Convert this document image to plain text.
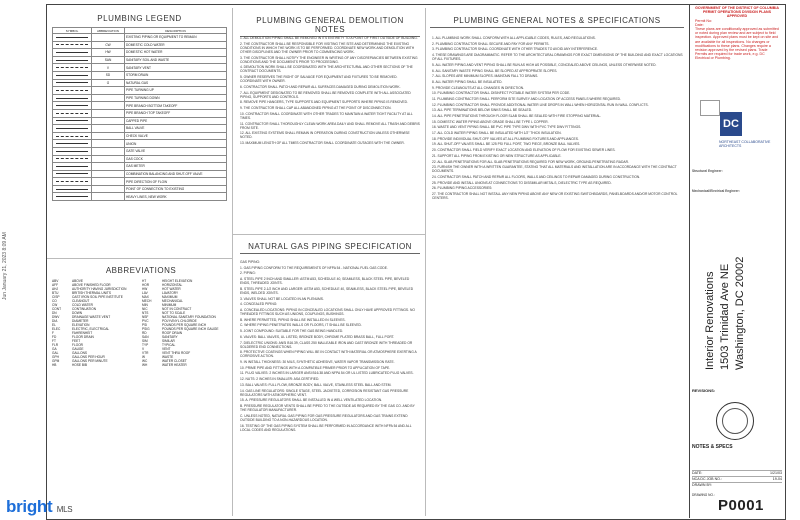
Jun January 21, 2023 8:09 AM
PLUMBING LEGEND
SYMBOL	ABBREVIATION	DESCRIPTION

		EXISTING PIPING OR EQUIPMENT TO REMAIN

	CW	DOMESTIC COLD WATER

	HW	DOMESTIC HOT WATER

	SAN	SANITARY SOIL AND WASTE

	V	SANITARY VENT

	SD	STORM DRAIN

	G	NATURAL GAS

		PIPE TURNING UP

		PIPE TURNING DOWN

		PIPE BRANCH BOTTOM TAKEOFF

		PIPE BRANCH TOP TAKEOFF

		CAPPED PIPE

		BALL VALVE

		CHECK VALVE

		UNION

		GATE VALVE

		GAS COCK

		GAS METER

		COMBINATION BALANCING AND SHUT-OFF VALVE

		PIPE DIRECTION OF FLOW

		POINT OF CONNECTION TO EXISTING

		HEAVY LINES, NEW WORK
ABBREVIATIONS
ABV	ABOVE
AFF	ABOVE FINISHED FLOOR
AHJ	AUTHORITY HAVING JURISDICTION
BTU	BRITISH THERMAL UNITS
CISP	CAST IRON SOIL PIPE INSTITUTE
CO	CLEANOUT
CW	COLD WATER
CONT	CONTINUATION
DN	DOWN
DWV	DRAINAGE WASTE VENT
DIA	DIAMETER
EL	ELEVATION
ELEC	ELECTRIC, ELECTRICAL
F	FAHRENHEIT
FD	FLOOR DRAIN
FT	FEET
FLR	FLOOR
GA	GAUGE
GAL	GALLONS
GPH	GALLONS PER HOUR
GPM	GALLONS PER MINUTE
HB	HOSE BIB
HT	HEIGHT ELEVATION
HOR	HORIZONTAL
HW	HOT WATER
LAV	LAVATORY
MAX	MAXIMUM
MECH	MECHANICAL
MIN	MINIMUM
NIC	NOT IN CONTRACT
NTS	NOT TO SCALE
NSF	NATIONAL SANITARY FOUNDATION
PVC	POLYVINYL CHLORIDE
PSI	POUNDS PER SQUARE INCH
PSIG	POUNDS PER SQUARE INCH GAUGE
RD	ROOF DRAIN
SAN	SANITARY
SIM	SIMILAR
TYP	TYPICAL
V	VENT
VTR	VENT THRU ROOF
W	WASTE
WC	WATER CLOSET
WH	WATER HEATER
PLUMBING GENERAL DEMOLITION NOTES

1. ALL DEMOLITION PIPING SHALL BE REMOVED IN ITS ENTIRETY TO A POINT OF FIRST OUTSIDE OF BUILDING.

2. THE CONTRACTOR SHALL BE RESPONSIBLE FOR VISITING THE SITE AND DETERMINING THE EXISTING CONDITIONS IN WHICH THE WORK IS TO BE PERFORMED. COORDINATE NEW WORK AND DEMOLITION WITH OTHER DISCIPLINES AND THE OWNER PRIOR TO COMMENCING WORK.

3. THE CONTRACTOR SHALL NOTIFY THE ENGINEER IN WRITING OF ANY DISCREPANCIES BETWEEN EXISTING CONDITIONS AND THE DOCUMENTS PRIOR TO PROCEEDING.

4. DEMOLITION WORK SHALL BE COORDINATED WITH THE ARCHITECTURAL AND OTHER SECTIONS OF THE CONTRACT DOCUMENTS.

5. OWNER RESERVES THE RIGHT OF SALVAGE FOR EQUIPMENT AND FIXTURES TO BE REMOVED. COORDINATE WITH OWNER.

6. CONTRACTOR SHALL PATCH AND REPAIR ALL SURFACES DAMAGED DURING DEMOLITION WORK.

7. ALL EQUIPMENT DESIGNATED TO BE REMOVED SHALL BE REMOVED COMPLETE WITH ALL ASSOCIATED PIPING, SUPPORTS AND CONTROLS.

8. REMOVE PIPE HANGERS, TYPE SUPPORTS AND EQUIPMENT SUPPORTS WHERE PIPING IS REMOVED.

9. THE CONTRACTOR SHALL CAP ALL ABANDONED PIPING AT THE POINT OF DISCONNECTION.

10. CONTRACTOR SHALL COORDINATE WITH OTHER TRADES TO MAINTAIN A WATER TIGHT FACILITY AT ALL TIMES.

11. CONTRACTOR SHALL THOROUGHLY CLEAN WORK AREA DAILY AND SHALL REMOVE ALL TRASH AND DEBRIS FROM SITE.

12. ALL EXISTING SYSTEMS SHALL REMAIN IN OPERATION DURING CONSTRUCTION UNLESS OTHERWISE NOTED.

13. MAXIMUM LENGTH OF ALL TIMES CONTRACTOR SHALL COORDINATE OUTAGES WITH THE OWNER.

NATURAL GAS PIPING SPECIFICATION

GAS PIPING:

1. GAS PIPING CONFORM TO THE REQUIREMENTS OF NFPA 54 - NATIONAL FUEL GAS CODE.

2. PIPING:

A. STEEL PIPE 2 INCH AND SMALLER: ASTM A53, SCHEDULE 40, SEAMLESS, BLACK STEEL PIPE, BEVELED ENDS, THREADED JOINTS.

B. STEEL PIPE 2-1/2 INCH AND LARGER: ASTM A53, SCHEDULE 40, SEAMLESS, BLACK STEEL PIPE, BEVELED ENDS, WELDED JOINTS.

3. VALVES SHALL NOT BE LOCATED IN AN PLENUMS.

4. CONCEALED PIPING:

A. CONCEALED LOCATIONS: PIPING IN CONCEALED LOCATIONS SHALL ONLY HAVE APPROVED FITTINGS. NO THREADED FITTINGS SUCH AS UNIONS, COUPLINGS, BUSHINGS.

B. WHERE PERMITTED, PIPING SHALL BE INSTALLED IN SLEEVES.

C. WHERE PIPING PENETRATES WALLS OR FLOORS, IT SHALL BE SLEEVED.

5. JOINT COMPOUND: SUITABLE FOR THE GAS BEING HANDLED.

6. VALVES: BALL VALVES, UL LISTED, BRONZE BODY, CHROME PLATED BRASS BALL, FULL PORT.

7. DIELECTRIC UNIONS: ANSI B16.39, CLASS 250 MALLEABLE IRON AND CAST BRONZE WITH THREADED OR SOLDERED END CONNECTIONS.

8. PROTECTIVE COATINGS WHEN PIPING WILL BE IN CONTACT WITH MATERIAL OR ATMOSPHERE EXERTING A CORROSIVE ACTION.

9. IN INSTALL THICKNESS: 30 MILS, SYNTHETIC ADHESIVE, WATER VAPOR TRANSMISSION RATE.

10. PRIME PIPE AND FITTINGS WITH A COMPATIBLE PRIMER PRIOR TO APPLICATION OF TAPE.

11. PLUG VALVES: 2 INCHES IN LARGER ANSI B16.38 AND NFPA 54 OR UL LISTED LUBRICATED PLUG VALVES.

12. NUTS: 2 INCHES IN SMALLER: ASA CERTIFIED.

13. BALL VALVES: FULL FLOW, BRONZE BODY, BALL VALVE, STAINLESS STEEL BALL AND STEM.

14. GAS LINE REGULATORS: SINGLE STAGE, STEEL JACKETED, CORROSION RESISTANT GAS PRESSURE REGULATORS WITH ATMOSPHERIC VENT.

15. A. PRESSURE REGULATORS SHALL BE INSTALLED IN A WELL VENTILATED LOCATION.

B. PRESSURE REGULATOR VENTS SHALL BE PIPED TO THE OUTSIDE AS REQUIRED BY THE GAS CO. AND BY THE REGULATOR MANUFACTURER.

C. UNLESS NOTED, NATURAL GAS PIPING FOR GAS PRESSURE REGULATORS AND GAS TRAINS EXTEND OUTSIDE BUILDING TO A NON-HAZARDOUS LOCATION.

16. TESTING OF THE GAS PIPING SYSTEM SHALL BE PERFORMED IN ACCORDANCE WITH NFPA 54 AND ALL LOCAL CODES AND REGULATIONS.

PLUMBING GENERAL NOTES & SPECIFICATIONS

1. ALL PLUMBING WORK SHALL CONFORM WITH ALL APPLICABLE CODES, RULES, AND REGULATIONS.

2. PLUMBING CONTRACTOR SHALL SECURE AND PAY FOR ANY PERMITS.

3. PLUMBING CONTRACTOR SHALL COORDINATE WITH OTHER TRADES TO AVOID ANY INTERFERENCE.

4. THESE DRAWINGS ARE DIAGRAMMATIC. REFER TO THE ARCHITECTURAL DRAWINGS FOR EXACT DIMENSIONS OF THE BUILDING AND EXACT LOCATIONS OF ALL FIXTURES.

5. ALL WATER PIPING AND VENT PIPING SHALL BE RUN AS HIGH AS POSSIBLE, CONCEALED ABOVE CEILINGS, UNLESS OTHERWISE NOTED.

6. ALL SANITARY WASTE PIPING SHALL BE SLOPED AT APPROPRIATE SLOPES.

7. ALL SLOPES ARE MINIMUM SLOPES. MAINTAIN FALL TO DRAINS.

8. ALL WATER PIPING SHALL BE INSULATED.

9. PROVIDE CLEANOUTS AT ALL CHANGES IN DIRECTION.

10. PLUMBING CONTRACTOR SHALL DISINFECT POTABLE WATER SYSTEM PER CODE.

11. PLUMBING CONTRACTOR SHALL PERFORM SITE SURVEY AND LOCATION OF ACCESS PANELS WHERE REQUIRED.

12. PLUMBING CONTRACTOR SHALL PROVIDE ADDITIONAL WATER LINE DROPS IN WALL WHEN HORIZONTAL RUN IN WALL CONFLICTS.

13. ALL PIPE TERMINATIONS BELOW SINKS SHALL BE SEALED.

14. ALL PIPE PENETRATIONS THROUGH FLOOR SLAB SHALL BE SEALED WITH FIRE STOPPING MATERIAL.

15. DOMESTIC WATER PIPING ABOVE GRADE SHALL BE TYPE L COPPER.

16. WASTE AND VENT PIPING SHALL BE PVC PIPE TYPE DWV WITH PVC TYPE DWV FITTINGS.

17. ALL COLD WATER PIPING SHALL BE INSULATED WITH 1/2" THICK INSULATION.

18. PROVIDE INDIVIDUAL SHUT-OFF VALVES AT ALL PLUMBING FIXTURES AND APPLIANCES.

19. ALL SHUT-OFF VALVES SHALL BE 125 PSI FULL PORT, TWO PIECE, BRONZE BALL VALVES.

20. CONTRACTOR SHALL FIELD VERIFY EXACT LOCATION AND ELEVATION OF FLOW FOR EXISTING SEWER LINES.

21. SUPPORT ALL PIPING FROM EXISTING OR NEW STRUCTURE AS APPLICABLE.

22. ALL SLAB PENETRATIONS FOR ALL SLAB PENETRATIONS REQUIRED FOR NEW WORK, GROUND-PENETRATING RADAR.

23. FURNISH THE OWNER WITH A WRITTEN GUARANTEE, STATING THAT ALL MATERIALS AND INSTALLATION ARE IN ACCORDANCE WITH THE CONTRACT DOCUMENTS.

24. CONTRACTOR SHALL PATCH AND REPAIR ALL FLOORS, WALLS AND CEILINGS TO REPAIR DAMAGED DURING CONSTRUCTION.

25. PROVIDE AND INSTALL UNIONS AT CONNECTIONS TO DISSIMILAR METALS, DIELECTRIC TYPE AS REQUIRED.

26. PLUMBING PIPING ACCESSORIES:

27. THE CONTRACTOR SHALL NOT INSTALL ANY NEW PIPING ABOVE ANY NEW OR EXISTING SWITCHBOARDS, PANELBOARDS AND/OR MOTOR CONTROL CENTERS.

GOVERNMENT OF THE DISTRICT OF COLUMBIA PERMIT OPERATIONS DIVISION PLANS APPROVED
Permit No:
Date:
These plans are conditionally approved as submitted or noted during plan review and are subject to field inspection. Approved plans must be kept on site and are available for all inspections. No changes or modifications to these plans. Changes require a revision approved by the revised plans. Trade Permits are required for trade work, e.g. DC Electrical or Plumbing.
DC
NORTHEAST COLLABORATIVE ARCHITECTS
Structural Engineer:
Mechanical/Electrical Engineer:
Interior Renovations 1503 Trinidad Ave NE Washington, DC 20002
REVISIONS:
NOTES & SPECS
DATE:	1/21/03
NCA DC JOB NO.:	19-04
DRAWN BY:
DRAWING NO.:
P0001
bright MLS
